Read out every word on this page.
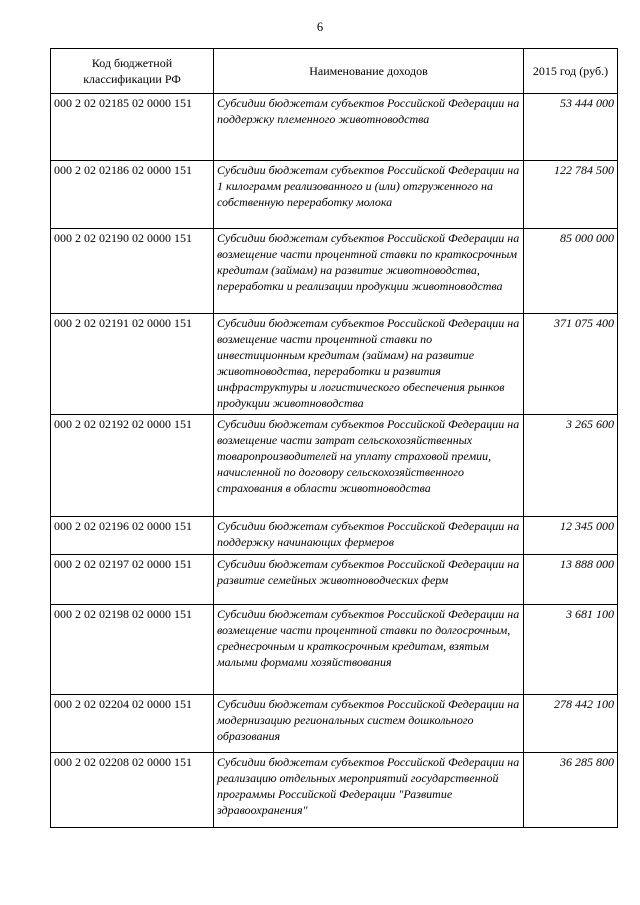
6
Код бюджетной классификации РФ	Наименование доходов	2015 год (руб.)
000 2 02 02185 02 0000 151	Субсидии бюджетам субъектов Российской Федерации на поддержку племенного животноводства	53 444 000
000 2 02 02186 02 0000 151	Субсидии бюджетам субъектов Российской Федерации на 1 килограмм реализованного и (или) отгруженного на собственную переработку молока	122 784 500
000 2 02 02190 02 0000 151	Субсидии бюджетам субъектов Российской Федерации на возмещение части процентной ставки по краткосрочным кредитам (займам) на развитие животноводства, переработки и реализации продукции животноводства	85 000 000
000 2 02 02191 02 0000 151	Субсидии бюджетам субъектов Российской Федерации на возмещение части процентной ставки по инвестиционным кредитам (займам) на развитие животноводства, переработки и развития инфраструктуры и логистического обеспечения рынков продукции животноводства	371 075 400
000 2 02 02192 02 0000 151	Субсидии бюджетам субъектов Российской Федерации на возмещение части затрат сельскохозяйственных товаропроизводителей на уплату страховой премии, начисленной по договору сельскохозяйственного страхования в области животноводства	3 265 600
000 2 02 02196 02 0000 151	Субсидии бюджетам субъектов Российской Федерации на поддержку начинающих фермеров	12 345 000
000 2 02 02197 02 0000 151	Субсидии бюджетам субъектов Российской Федерации на развитие семейных животноводческих ферм	13 888 000
000 2 02 02198 02 0000 151	Субсидии бюджетам субъектов Российской Федерации на возмещение части процентной ставки по долгосрочным, среднесрочным и краткосрочным кредитам, взятым малыми формами хозяйствования	3 681 100
000 2 02 02204 02 0000 151	Субсидии бюджетам субъектов Российской Федерации на модернизацию региональных систем дошкольного образования	278 442 100
000 2 02 02208 02 0000 151	Субсидии бюджетам субъектов Российской Федерации на реализацию отдельных мероприятий государственной программы Российской Федерации "Развитие здравоохранения"	36 285 800
